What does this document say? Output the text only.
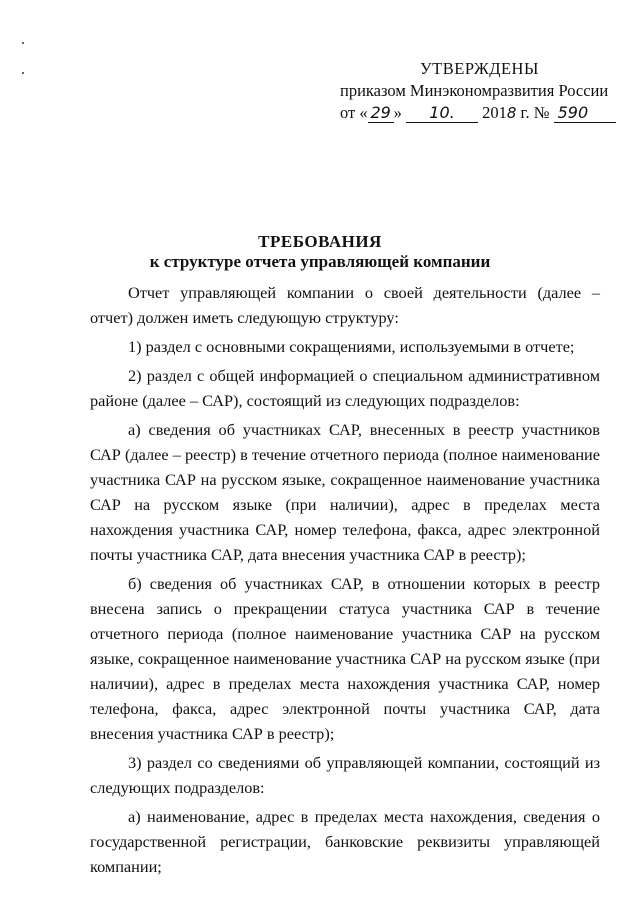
УТВЕРЖДЕНЫ
приказом Минэкономразвития России
от « 29 » 10. 2018 г. № 590
ТРЕБОВАНИЯ
к структуре отчета управляющей компании

Отчет управляющей компании о своей деятельности (далее – отчет) должен иметь следующую структуру:

1) раздел с основными сокращениями, используемыми в отчете;

2) раздел с общей информацией о специальном административном районе (далее – САР), состоящий из следующих подразделов:

а) сведения об участниках САР, внесенных в реестр участников САР (далее – реестр) в течение отчетного периода (полное наименование участника САР на русском языке, сокращенное наименование участника САР на русском языке (при наличии), адрес в пределах места нахождения участника САР, номер телефона, факса, адрес электронной почты участника САР, дата внесения участника САР в реестр);

б) сведения об участниках САР, в отношении которых в реестр внесена запись о прекращении статуса участника САР в течение отчетного периода (полное наименование участника САР на русском языке, сокращенное наименование участника САР на русском языке (при наличии), адрес в пределах места нахождения участника САР, номер телефона, факса, адрес электронной почты участника САР, дата внесения участника САР в реестр);

3) раздел со сведениями об управляющей компании, состоящий из следующих подразделов:

а) наименование, адрес в пределах места нахождения, сведения о государственной регистрации, банковские реквизиты управляющей компании;
